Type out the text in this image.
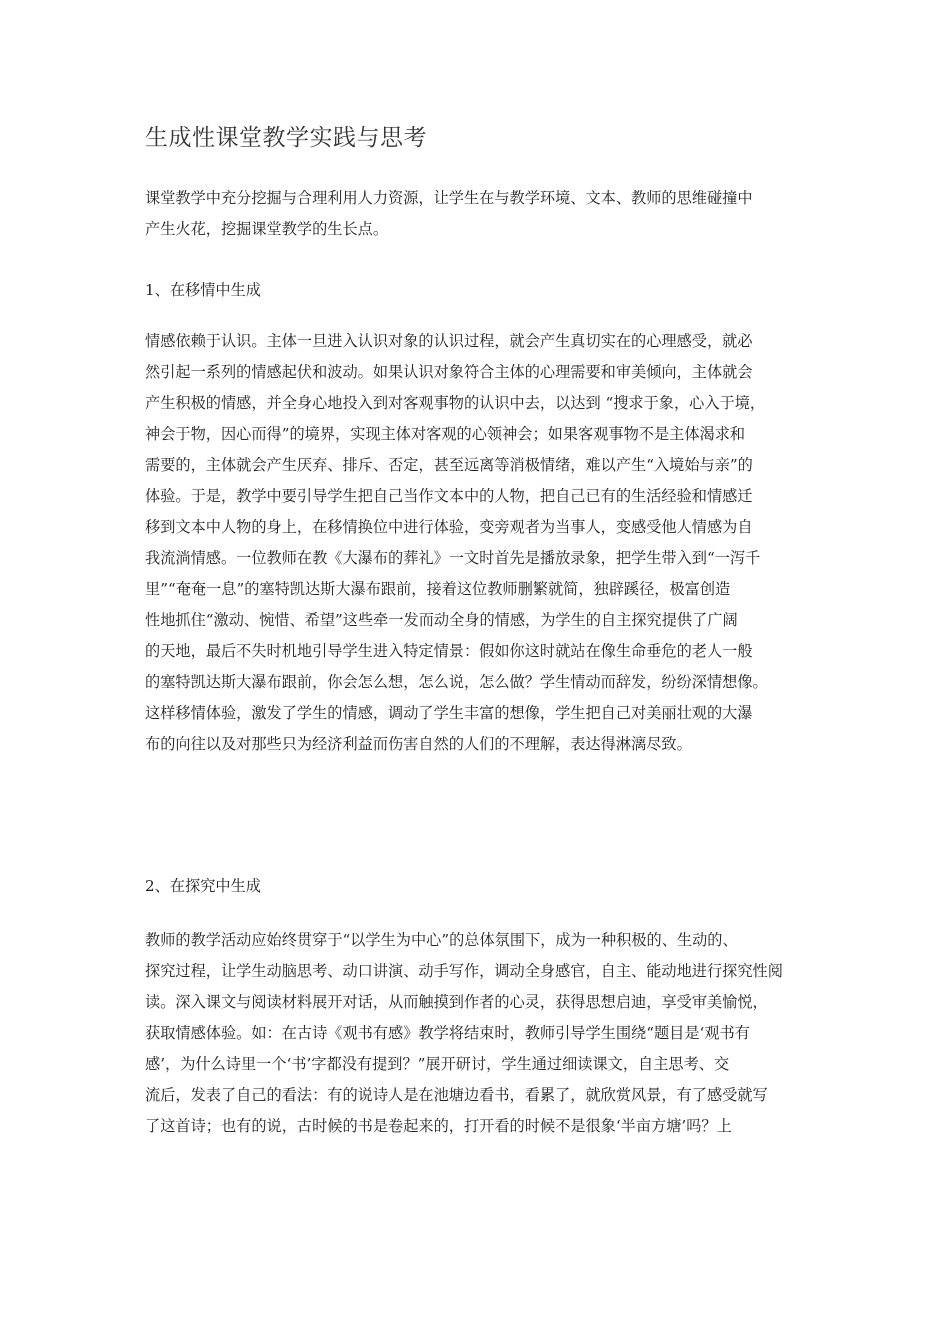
生成性课堂教学实践与思考
课堂教学中充分挖掘与合理利用人力资源，让学生在与教学环境、文本、教师的思维碰撞中
产生火花，挖掘课堂教学的生长点。
1、在移情中生成
情感依赖于认识。主体一旦进入认识对象的认识过程，就会产生真切实在的心理感受，就必
然引起一系列的情感起伏和波动。如果认识对象符合主体的心理需要和审美倾向，主体就会
产生积极的情感，并全身心地投入到对客观事物的认识中去，以达到 “搜求于象，心入于境，
神会于物，因心而得”的境界，实现主体对客观的心领神会；如果客观事物不是主体渴求和
需要的，主体就会产生厌弃、排斥、否定，甚至远离等消极情绪，难以产生“入境始与亲”的
体验。于是，教学中要引导学生把自己当作文本中的人物，把自己已有的生活经验和情感迁
移到文本中人物的身上，在移情换位中进行体验，变旁观者为当事人，变感受他人情感为自
我流淌情感。一位教师在教《大瀑布的葬礼》一文时首先是播放录象，把学生带入到“一泻千
里”“奄奄一息”的塞特凯达斯大瀑布跟前，接着这位教师删繁就简，独辟蹊径，极富创造
性地抓住“激动、惋惜、希望”这些牵一发而动全身的情感，为学生的自主探究提供了广阔
的天地，最后不失时机地引导学生进入特定情景：假如你这时就站在像生命垂危的老人一般
的塞特凯达斯大瀑布跟前，你会怎么想，怎么说，怎么做？学生情动而辞发，纷纷深情想像。
这样移情体验，激发了学生的情感，调动了学生丰富的想像，学生把自己对美丽壮观的大瀑
布的向往以及对那些只为经济利益而伤害自然的人们的不理解，表达得淋漓尽致。
2、在探究中生成
教师的教学活动应始终贯穿于“以学生为中心”的总体氛围下，成为一种积极的、生动的、
探究过程，让学生动脑思考、动口讲演、动手写作，调动全身感官，自主、能动地进行探究性阅
读。深入课文与阅读材料展开对话，从而触摸到作者的心灵，获得思想启迪，享受审美愉悦，
获取情感体验。如：在古诗《观书有感》教学将结束时，教师引导学生围绕“题目是‘观书有
感’，为什么诗里一个‘书’字都没有提到？”展开研讨，学生通过细读课文，自主思考、交
流后，发表了自己的看法：有的说诗人是在池塘边看书，看累了，就欣赏风景，有了感受就写
了这首诗；也有的说，古时候的书是卷起来的，打开看的时候不是很象‘半亩方塘’吗？上
